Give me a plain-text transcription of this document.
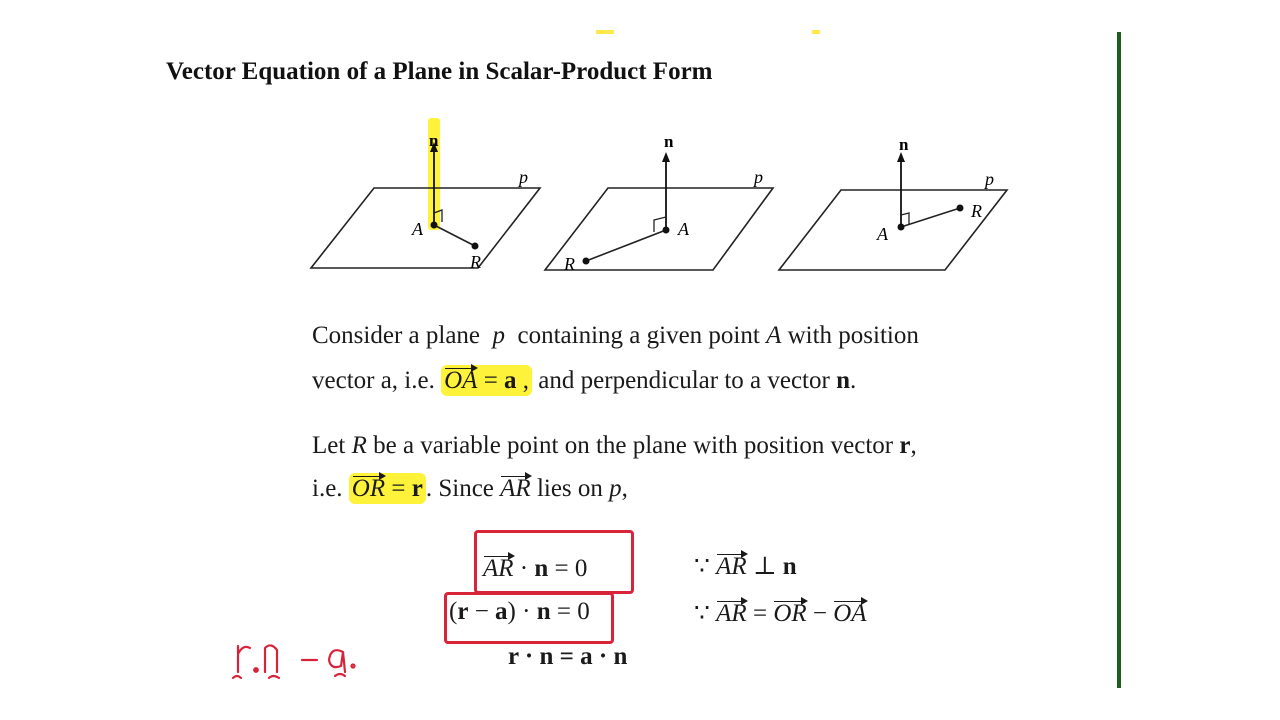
Vector Equation of a Plane in Scalar-Product Form
n
p
A
R
n
p
A
R
n
p
A
R
Consider a plane p containing a given point A with position
vector a, i.e. OA = a , and perpendicular to a vector n.
Let R be a variable point on the plane with position vector r,
i.e. OR = r . Since AR lies on p,
AR · n = 0
(r − a) · n = 0
r · n = a · n
∵ AR ⊥ n
∵ AR = OR − OA
